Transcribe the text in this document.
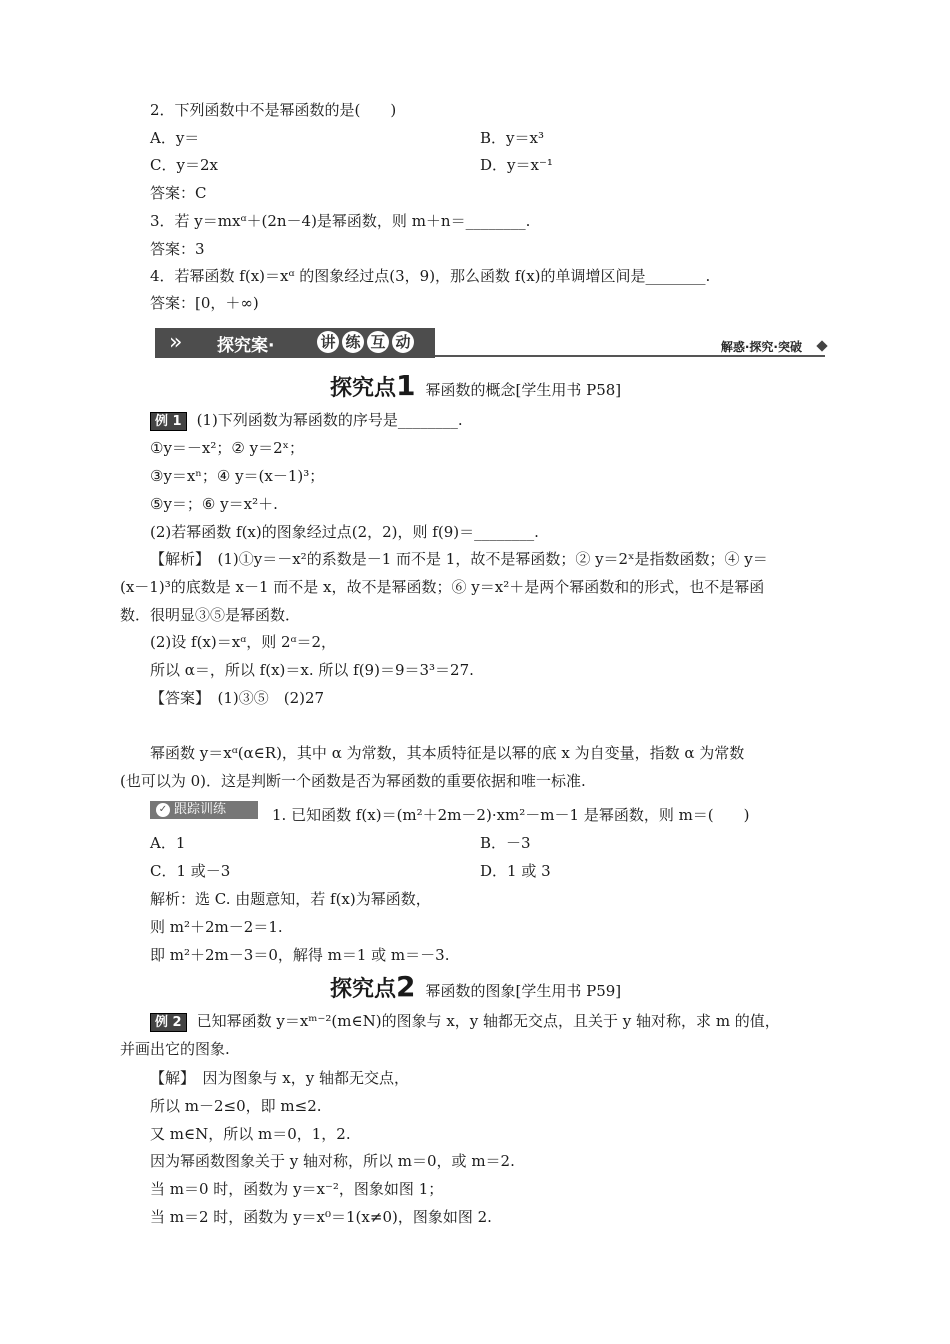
2．下列函数中不是幂函数的是(　　)
A．y＝	B．y＝x³
C．y＝2x	D．y＝x⁻¹
答案：C
3．若 y＝mxᵅ＋(2n－4)是幂函数，则 m＋n＝________.
答案：3
4．若幂函数 f(x)＝xᵅ 的图象经过点(3，9)，那么函数 f(x)的单调增区间是________.
答案：[0，＋∞)
»	探究案·	讲 练 互 动	解惑·探究·突破
探究点1 幂函数的概念[学生用书 P58]
例 1 (1)下列函数为幂函数的序号是________.
①y＝－x²；② y＝2ˣ；
③y＝xⁿ；④ y＝(x－1)³；
⑤y＝；⑥ y＝x²＋.
(2)若幂函数 f(x)的图象经过点(2，2)，则 f(9)＝________.
【解析】　(1)①y＝－x²的系数是－1 而不是 1，故不是幂函数；② y＝2ˣ是指数函数；④ y＝
(x－1)³的底数是 x－1 而不是 x，故不是幂函数；⑥ y＝x²＋是两个幂函数和的形式，也不是幂函
数．很明显③⑤是幂函数．
(2)设 f(x)＝xᵅ，则 2ᵅ＝2，
所以 α＝，所以 f(x)＝x. 所以 f(9)＝9＝3³＝27.
【答案】　(1)③⑤　(2)27
幂函数 y＝xᵅ(α∈R)，其中 α 为常数，其本质特征是以幂的底 x 为自变量，指数 α 为常数
(也可以为 0)．这是判断一个函数是否为幂函数的重要依据和唯一标准.
✓ 跟踪训练	1. 已知函数 f(x)＝(m²＋2m－2)·xm²－m－1 是幂函数，则 m＝(　　)
A．1	B．－3
C．1 或－3	D．1 或 3
解析：选 C. 由题意知，若 f(x)为幂函数，
则 m²＋2m－2＝1.
即 m²＋2m－3＝0，解得 m＝1 或 m＝－3.
探究点2 幂函数的图象[学生用书 P59]
例 2 已知幂函数 y＝xᵐ⁻²(m∈N)的图象与 x，y 轴都无交点，且关于 y 轴对称，求 m 的值，
并画出它的图象.
【解】　因为图象与 x，y 轴都无交点，
所以 m－2≤0，即 m≤2.
又 m∈N，所以 m＝0，1，2.
因为幂函数图象关于 y 轴对称，所以 m＝0，或 m＝2.
当 m＝0 时，函数为 y＝x⁻²，图象如图 1；
当 m＝2 时，函数为 y＝x⁰＝1(x≠0)，图象如图 2.
